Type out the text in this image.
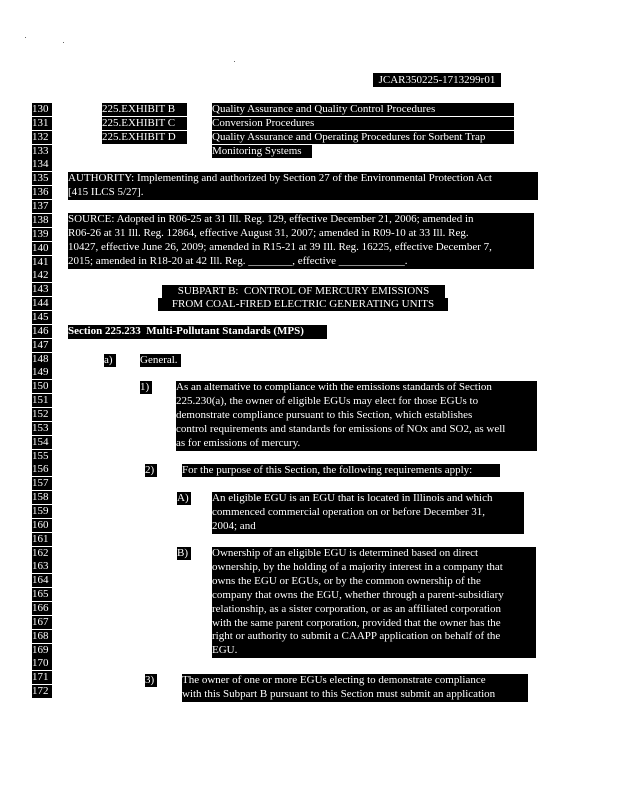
JCAR350225-1713299r01
130
131
132
133
134
135
136
137
138
139
140
141
142
143
144
145
146
147
148
149
150
151
152
153
154
155
156
157
158
159
160
161
162
163
164
165
166
167
168
169
170
171
172
225.EXHIBIT B	Quality Assurance and Quality Control Procedures
225.EXHIBIT C	Conversion Procedures
225.EXHIBIT D	Quality Assurance and Operating Procedures for Sorbent Trap
Monitoring Systems
AUTHORITY: Implementing and authorized by Section 27 of the Environmental Protection Act
[415 ILCS 5/27].
SOURCE: Adopted in R06-25 at 31 Ill. Reg. 129, effective December 21, 2006; amended in
R06-26 at 31 Ill. Reg. 12864, effective August 31, 2007; amended in R09-10 at 33 Ill. Reg.
10427, effective June 26, 2009; amended in R15-21 at 39 Ill. Reg. 16225, effective December 7,
2015; amended in R18-20 at 42 Ill. Reg. ________, effective ____________.
SUBPART B:  CONTROL OF MERCURY EMISSIONS
FROM COAL-FIRED ELECTRIC GENERATING UNITS
Section 225.233  Multi-Pollutant Standards (MPS)
a)	General.
1) As an alternative to compliance with the emissions standards of Section
225.230(a), the owner of eligible EGUs may elect for those EGUs to
demonstrate compliance pursuant to this Section, which establishes
control requirements and standards for emissions of NOx and SO2, as well
as for emissions of mercury.
2)	For the purpose of this Section, the following requirements apply:
A) An eligible EGU is an EGU that is located in Illinois and which
commenced commercial operation on or before December 31,
2004; and
B) Ownership of an eligible EGU is determined based on direct
ownership, by the holding of a majority interest in a company that
owns the EGU or EGUs, or by the common ownership of the
company that owns the EGU, whether through a parent-subsidiary
relationship, as a sister corporation, or as an affiliated corporation
with the same parent corporation, provided that the owner has the
right or authority to submit a CAAPP application on behalf of the
EGU.
3)	The owner of one or more EGUs electing to demonstrate compliance
with this Subpart B pursuant to this Section must submit an application
